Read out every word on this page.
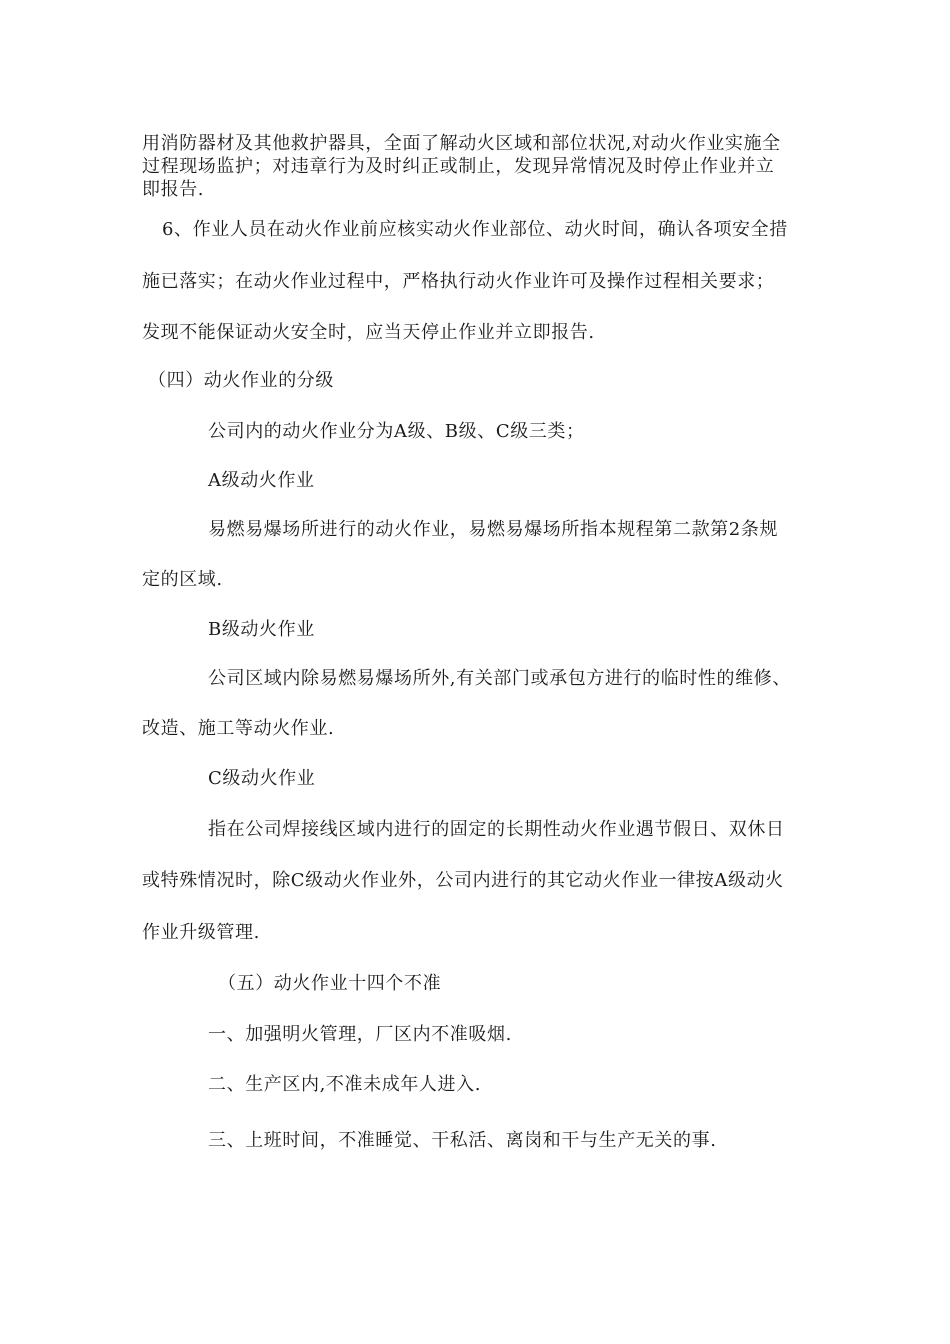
用消防器材及其他救护器具，全面了解动火区域和部位状况,对动火作业实施全
过程现场监护；对违章行为及时纠正或制止，发现异常情况及时停止作业并立
即报告.
6、作业人员在动火作业前应核实动火作业部位、动火时间，确认各项安全措
施已落实；在动火作业过程中，严格执行动火作业许可及操作过程相关要求；
发现不能保证动火安全时，应当天停止作业并立即报告.
（四）动火作业的分级
公司内的动火作业分为A级、B级、C级三类；
A级动火作业
易燃易爆场所进行的动火作业，易燃易爆场所指本规程第二款第2条规
定的区域.
B级动火作业
公司区域内除易燃易爆场所外,有关部门或承包方进行的临时性的维修、
改造、施工等动火作业.
C级动火作业
指在公司焊接线区域内进行的固定的长期性动火作业遇节假日、双休日
或特殊情况时，除C级动火作业外，公司内进行的其它动火作业一律按A级动火
作业升级管理.
（五）动火作业十四个不准
一、加强明火管理，厂区内不准吸烟.
二、生产区内,不准未成年人进入.
三、上班时间，不准睡觉、干私活、离岗和干与生产无关的事.
